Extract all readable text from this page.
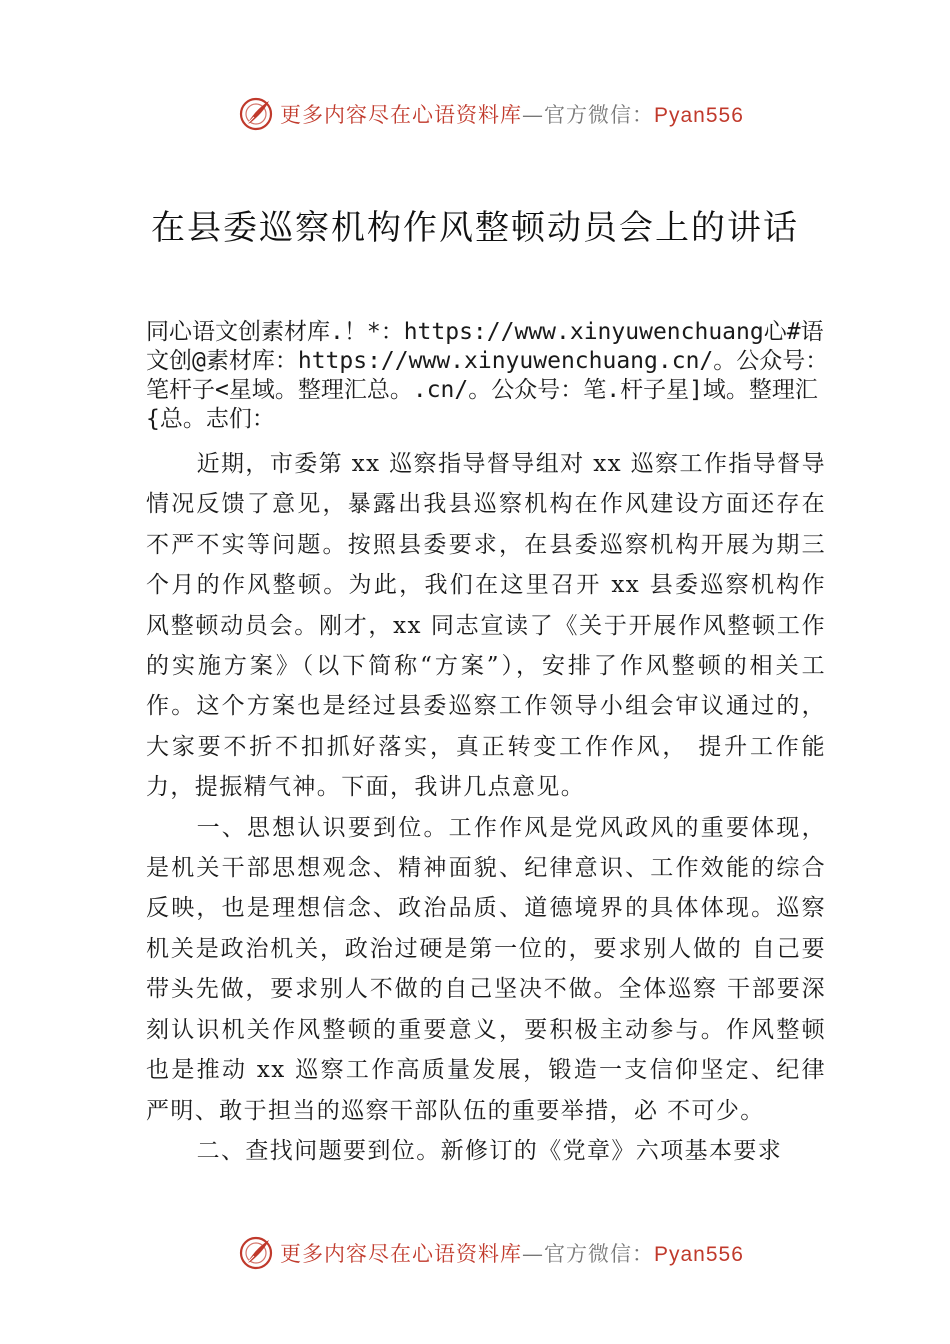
更多内容尽在心语资料库—官方微信：Pyan556
在县委巡察机构作风整顿动员会上的讲话

同心语文创素材库.！*：https://www.xinyuwenchuang心#语文创@素材库：https://www.xinyuwenchuang.cn/。公众号：笔杆子<星域。整理汇总。.cn/。公众号：笔.杆子星]域。整理汇{总。志们：

近期，市委第 xx 巡察指导督导组对 xx 巡察工作指导督导情况反馈了意见，暴露出我县巡察机构在作风建设方面还存在不严不实等问题。按照县委要求，在县委巡察机构开展为期三个月的作风整顿。为此，我们在这里召开 xx 县委巡察机构作风整顿动员会。刚才，xx 同志宣读了《关于开展作风整顿工作的实施方案》（以下简称“方案”），安排了作风整顿的相关工作。这个方案也是经过县委巡察工作领导小组会审议通过的，大家要不折不扣抓好落实，真正转变工作作风， 提升工作能力，提振精气神。下面，我讲几点意见。

一、思想认识要到位。工作作风是党风政风的重要体现，是机关干部思想观念、精神面貌、纪律意识、工作效能的综合反映，也是理想信念、政治品质、道德境界的具体体现。巡察机关是政治机关，政治过硬是第一位的，要求别人做的 自己要带头先做，要求别人不做的自己坚决不做。全体巡察 干部要深刻认识机关作风整顿的重要意义，要积极主动参与。作风整顿也是推动 xx 巡察工作高质量发展，锻造一支信仰坚定、纪律严明、敢于担当的巡察干部队伍的重要举措，必 不可少。

二、查找问题要到位。新修订的《党章》六项基本要求

更多内容尽在心语资料库—官方微信：Pyan556
